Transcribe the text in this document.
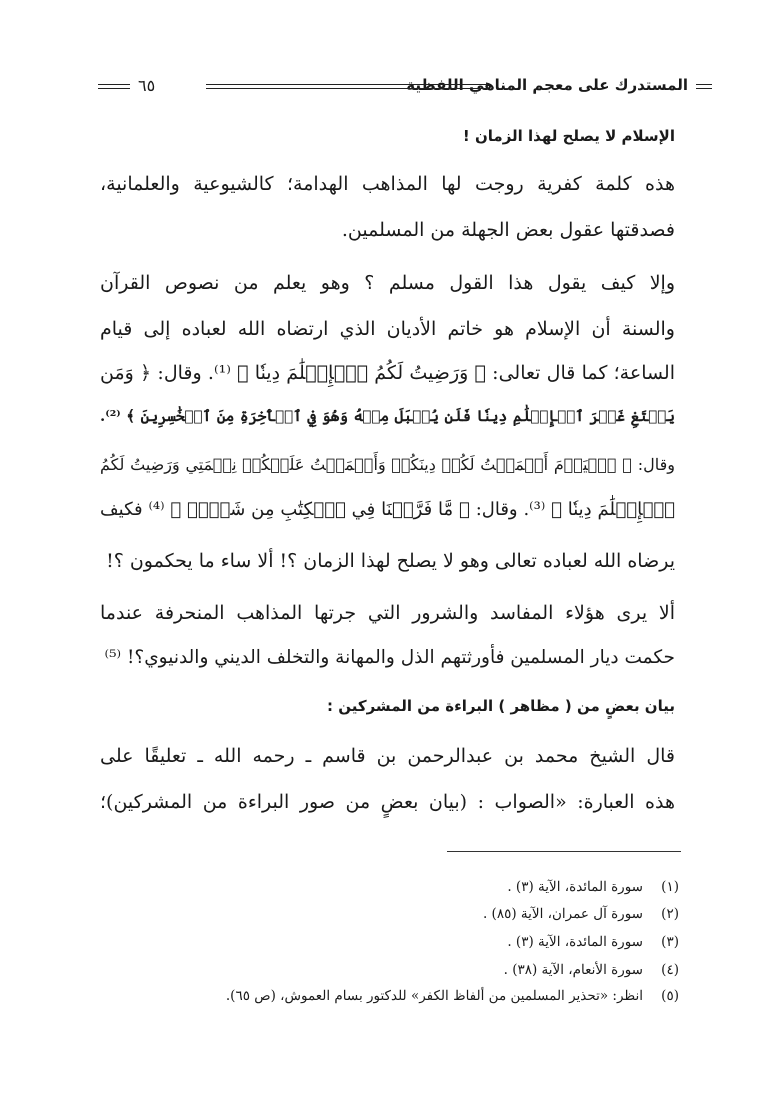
المستدرك على معجم المناهي اللفظية
٦٥
الإسلام لا يصلح لهذا الزمان !
هذه كلمة كفرية روجت لها المذاهب الهدامة؛ كالشيوعية والعلمانية،
فصدقتها عقول بعض الجهلة من المسلمين.
وإلا كيف يقول هذا القول مسلم ؟ وهو يعلم من نصوص القرآن
والسنة أن الإسلام هو خاتم الأديان الذي ارتضاه الله لعباده إلى قيام
الساعة؛ كما قال تعالى: ﴿ وَرَضِيتُ لَكُمُ ٱلۡإِسۡلَٰمَ دِينٗا ﴾ ⁽¹⁾. وقال: ﴿ وَمَن
يَبۡتَغِ غَيۡرَ ٱلۡإِسۡلَٰمِ دِينٗا فَلَن يُقۡبَلَ مِنۡهُ وَهُوَ فِي ٱلۡأٓخِرَةِ مِنَ ٱلۡخَٰسِرِينَ ﴾ ⁽²⁾.
وقال: ﴿ ٱلۡيَوۡمَ أَكۡمَلۡتُ لَكُمۡ دِينَكُمۡ وَأَتۡمَمۡتُ عَلَيۡكُمۡ نِعۡمَتِي وَرَضِيتُ لَكُمُ
ٱلۡإِسۡلَٰمَ دِينٗا ﴾ ⁽³⁾. وقال: ﴿ مَّا فَرَّطۡنَا فِي ٱلۡكِتَٰبِ مِن شَيۡءٖ ﴾ ⁽⁴⁾ فكيف
يرضاه الله لعباده تعالى وهو لا يصلح لهذا الزمان ؟! ألا ساء ما يحكمون ؟!
ألا يرى هؤلاء المفاسد والشرور التي جرتها المذاهب المنحرفة عندما
حكمت ديار المسلمين فأورثتهم الذل والمهانة والتخلف الديني والدنيوي؟! ⁽⁵⁾
بيان بعضٍ من ( مظاهر ) البراءة من المشركين :
قال الشيخ محمد بن عبدالرحمن بن قاسم ـ رحمه الله ـ تعليقًا على
هذه العبارة: «الصواب : (بيان بعضٍ من صور البراءة من المشركين)؛
(١)سورة المائدة، الآية (٣) .
(٢)سورة آل عمران، الآية (٨٥) .
(٣)سورة المائدة، الآية (٣) .
(٤)سورة الأنعام، الآية (٣٨) .
(٥)انظر: «تحذير المسلمين من ألفاظ الكفر» للدكتور بسام العموش، (ص ٦٥).
